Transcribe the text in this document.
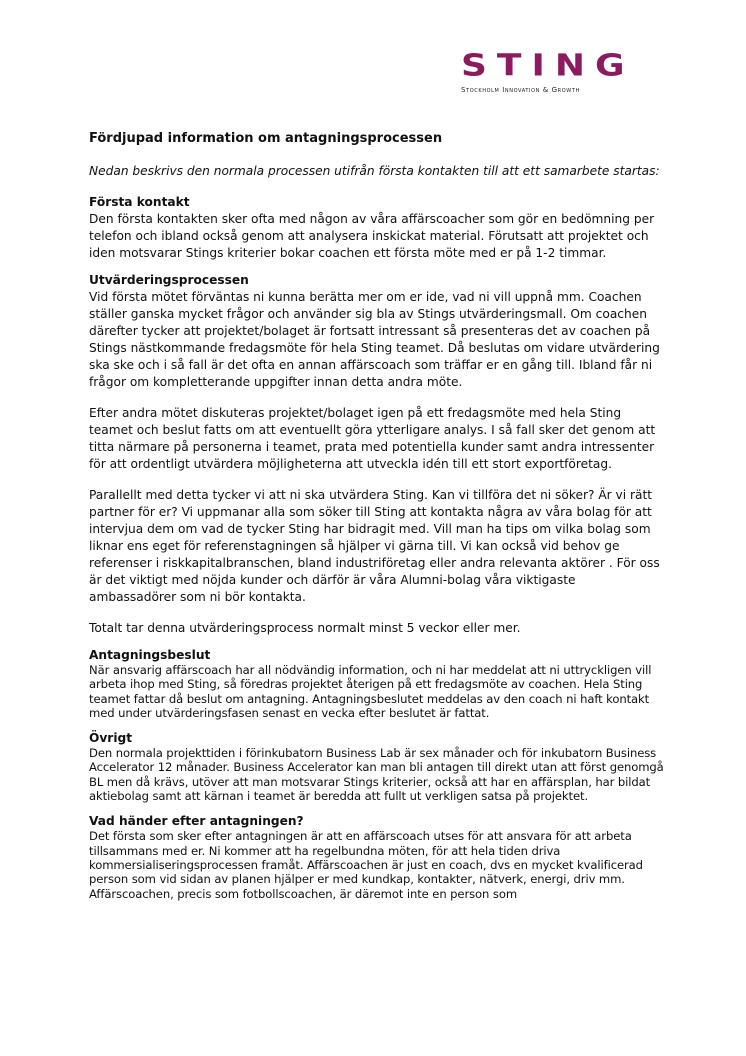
STING
Stockholm Innovation & Growth
Fördjupad information om antagningsprocessen

Nedan beskrivs den normala processen utifrån första kontakten till att ett samarbete startas:

Första kontakt

Den första kontakten sker ofta med någon av våra affärscoacher som gör en bedömning per telefon och ibland också genom att analysera inskickat material. Förutsatt att projektet och iden motsvarar Stings kriterier bokar coachen ett första möte med er på 1-2 timmar.

Utvärderingsprocessen

Vid första mötet förväntas ni kunna berätta mer om er ide, vad ni vill uppnå mm. Coachen ställer ganska mycket frågor och använder sig bla av Stings utvärderingsmall. Om coachen därefter tycker att projektet/bolaget är fortsatt intressant så presenteras det av coachen på Stings nästkommande fredagsmöte för hela Sting teamet. Då beslutas om vidare utvärdering ska ske och i så fall är det ofta en annan affärscoach som träffar er en gång till. Ibland får ni frågor om kompletterande uppgifter innan detta andra möte.

Efter andra mötet diskuteras projektet/bolaget igen på ett fredagsmöte med hela Sting teamet och beslut fatts om att eventuellt göra ytterligare analys. I så fall sker det genom att titta närmare på personerna i teamet, prata med potentiella kunder samt andra intressenter för att ordentligt utvärdera möjligheterna att utveckla idén till ett stort exportföretag.

Parallellt med detta tycker vi att ni ska utvärdera Sting. Kan vi tillföra det ni söker? Är vi rätt partner för er? Vi uppmanar alla som söker till Sting att kontakta några av våra bolag för att intervjua dem om vad de tycker Sting har bidragit med. Vill man ha tips om vilka bolag som liknar ens eget för referenstagningen så hjälper vi gärna till. Vi kan också vid behov ge referenser i riskkapitalbranschen, bland industriföretag eller andra relevanta aktörer . För oss är det viktigt med nöjda kunder och därför är våra Alumni-bolag våra viktigaste ambassadörer som ni bör kontakta.

Totalt tar denna utvärderingsprocess normalt minst 5 veckor eller mer.

Antagningsbeslut

När ansvarig affärscoach har all nödvändig information, och ni har meddelat att ni uttryckligen vill arbeta ihop med Sting, så föredras projektet återigen på ett fredagsmöte av coachen. Hela Sting teamet fattar då beslut om antagning. Antagningsbeslutet meddelas av den coach ni haft kontakt med under utvärderingsfasen senast en vecka efter beslutet är fattat.

Övrigt

Den normala projekttiden i förinkubatorn Business Lab är sex månader och för inkubatorn Business Accelerator 12 månader. Business Accelerator kan man bli antagen till direkt utan att först genomgå BL men då krävs, utöver att man motsvarar Stings kriterier, också att har en affärsplan, har bildat aktiebolag samt att kärnan i teamet är beredda att fullt ut verkligen satsa på projektet.

Vad händer efter antagningen?

Det första som sker efter antagningen är att en affärscoach utses för att ansvara för att arbeta tillsammans med er. Ni kommer att ha regelbundna möten, för att hela tiden driva kommersialiseringsprocessen framåt. Affärscoachen är just en coach, dvs en mycket kvalificerad person som vid sidan av planen hjälper er med kundkap, kontakter, nätverk, energi, driv mm. Affärscoachen, precis som fotbollscoachen, är däremot inte en person som
